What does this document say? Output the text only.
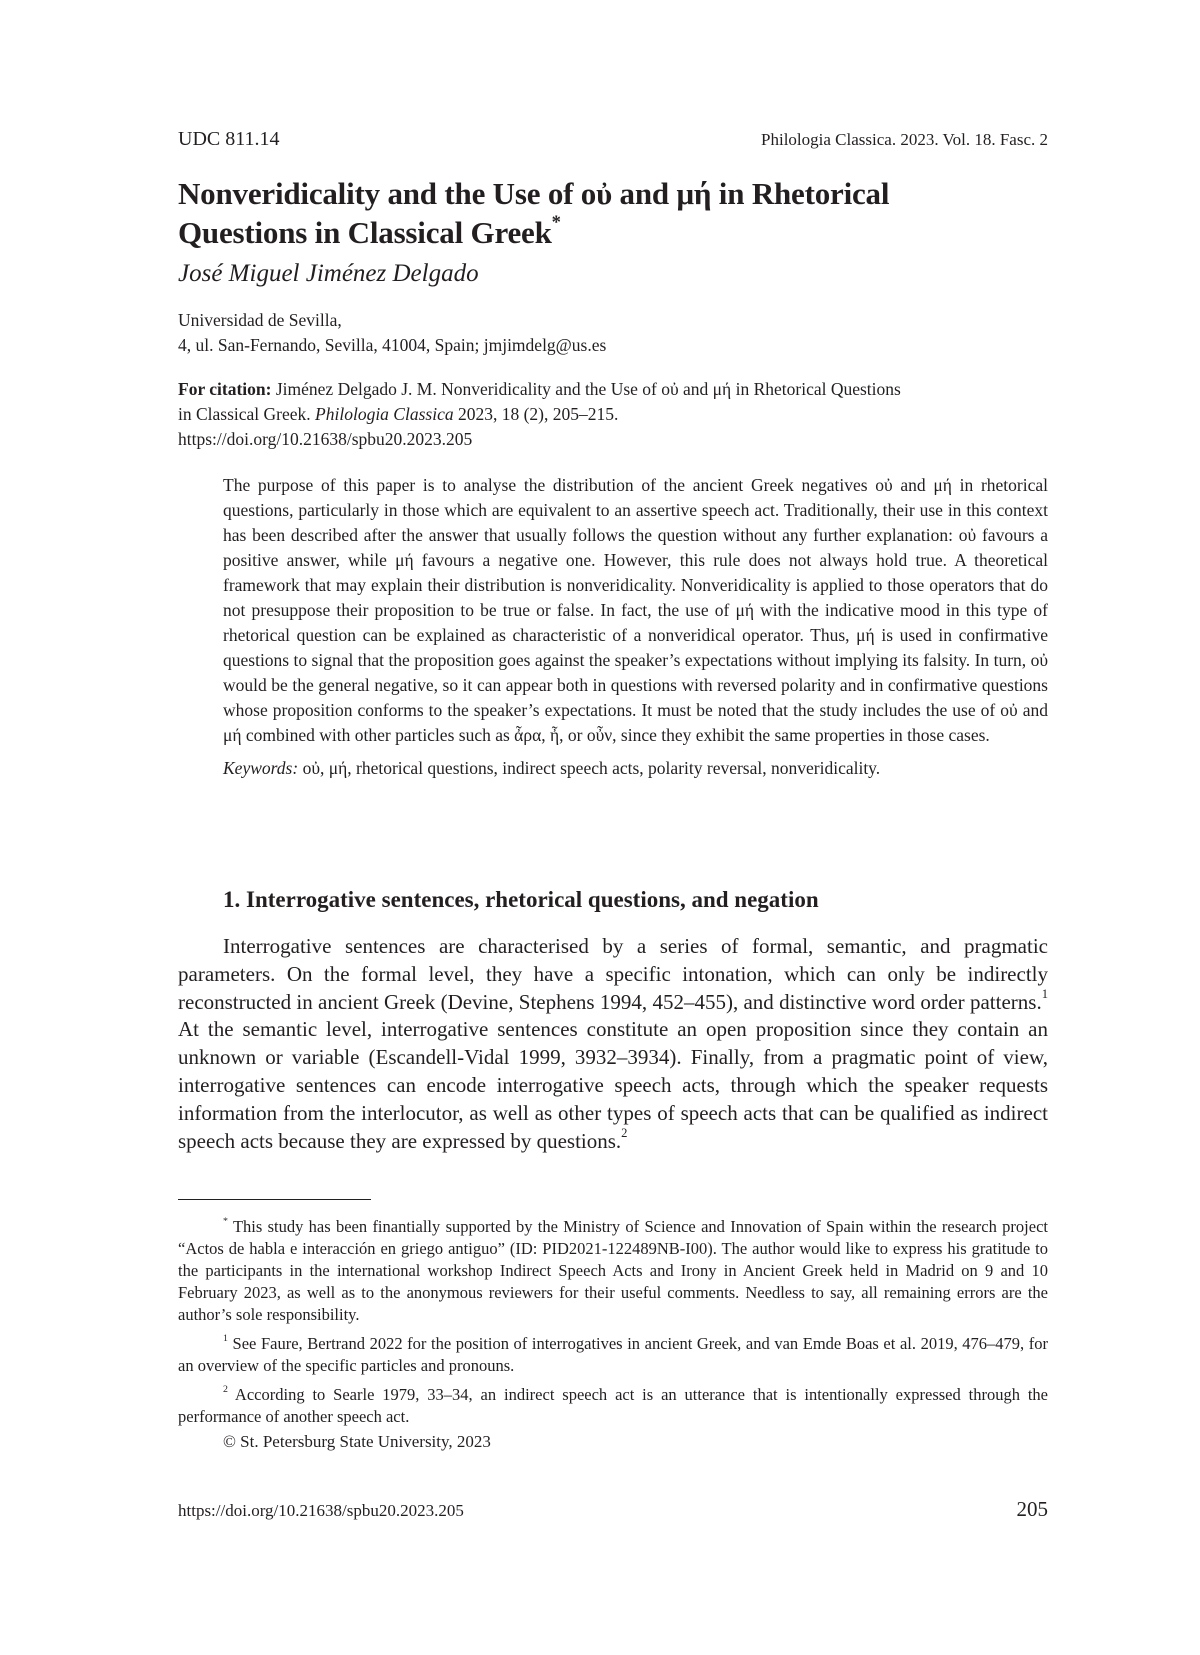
UDC 811.14	Philologia Classica. 2023. Vol. 18. Fasc. 2
Nonveridicality and the Use of οὐ and μή in Rhetorical
Questions in Classical Greek*
José Miguel Jiménez Delgado
Universidad de Sevilla,
4, ul. San-Fernando, Sevilla, 41004, Spain; jmjimdelg@us.es
For citation: Jiménez Delgado J. M. Nonveridicality and the Use of οὐ and μή in Rhetorical Questions
in Classical Greek. Philologia Classica 2023, 18 (2), 205–215.
https://doi.org/10.21638/spbu20.2023.205

The purpose of this paper is to analyse the distribution of the ancient Greek negatives οὐ and μή in rhetorical questions, particularly in those which are equivalent to an assertive speech act. Traditionally, their use in this context has been described after the answer that usually follows the question without any further explanation: οὐ favours a positive answer, while μή favours a negative one. However, this rule does not always hold true. A theoretical framework that may explain their distribution is nonveridicality. Nonveridicality is applied to those operators that do not presuppose their proposition to be true or false. In fact, the use of μή with the indicative mood in this type of rhetorical question can be explained as characteristic of a nonveridical operator. Thus, μή is used in confirmative questions to signal that the proposition goes against the speaker’s expectations without implying its falsity. In turn, οὐ would be the general negative, so it can appear both in questions with reversed polarity and in confirmative questions whose proposition conforms to the speaker’s expectations. It must be noted that the study includes the use of οὐ and μή combined with other particles such as ἆρα, ἦ, or οὖν, since they exhibit the same properties in those cases.

Keywords: οὐ, μή, rhetorical questions, indirect speech acts, polarity reversal, nonveridicality.

1. Interrogative sentences, rhetorical questions, and negation

Interrogative sentences are characterised by a series of formal, semantic, and pragmatic parameters. On the formal level, they have a specific intonation, which can only be indirectly reconstructed in ancient Greek (Devine, Stephens 1994, 452–455), and distinctive word order patterns.$^1$ At the semantic level, interrogative sentences constitute an open proposition since they contain an unknown or variable (Escandell-Vidal 1999, 3932–3934). Finally, from a pragmatic point of view, interrogative sentences can encode interrogative speech acts, through which the speaker requests information from the interlocutor, as well as other types of speech acts that can be qualified as indirect speech acts because they are expressed by questions.$^2$

* This study has been finantially supported by the Ministry of Science and Innovation of Spain within the research project “Actos de habla e interacción en griego antiguo” (ID: PID2021-122489NB-I00). The author would like to express his gratitude to the participants in the international workshop Indirect Speech Acts and Irony in Ancient Greek held in Madrid on 9 and 10 February 2023, as well as to the anonymous reviewers for their useful comments. Needless to say, all remaining errors are the author’s sole responsibility.

$^1$ See Faure, Bertrand 2022 for the position of interrogatives in ancient Greek, and van Emde Boas et al. 2019, 476–479, for an overview of the specific particles and pronouns.

$^2$ According to Searle 1979, 33–34, an indirect speech act is an utterance that is intentionally expressed through the performance of another speech act.

© St. Petersburg State University, 2023
https://doi.org/10.21638/spbu20.2023.205	205
